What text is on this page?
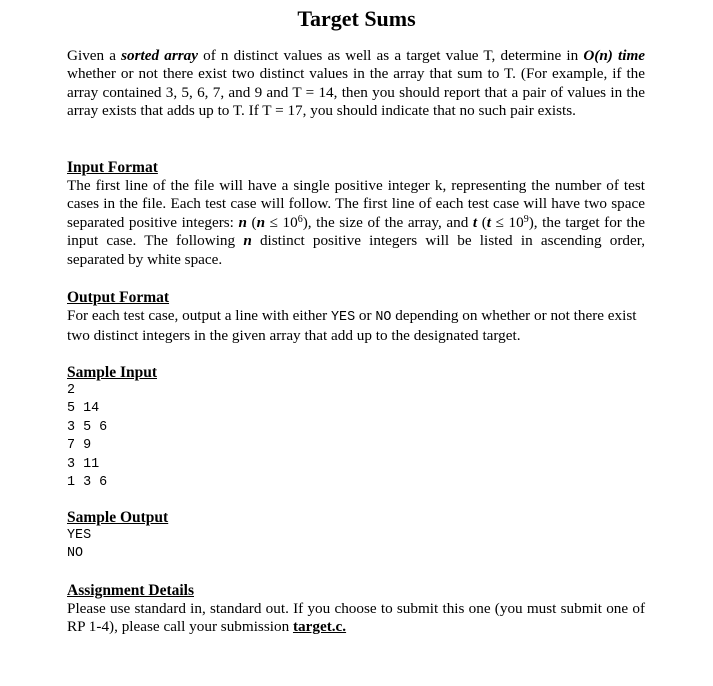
Target Sums
Given a sorted array of n distinct values as well as a target value T, determine in O(n) time whether or not there exist two distinct values in the array that sum to T. (For example, if the array contained 3, 5, 6, 7, and 9 and T = 14, then you should report that a pair of values in the array exists that adds up to T. If T = 17, you should indicate that no such pair exists.
Input Format
The first line of the file will have a single positive integer k, representing the number of test cases in the file. Each test case will follow. The first line of each test case will have two space separated positive integers: n $(n \le 10^6)$, the size of the array, and t $(t \le 10^9)$, the target for the input case. The following n distinct positive integers will be listed in ascending order, separated by white space.
Output Format
For each test case, output a line with either YES or NO depending on whether or not there exist two distinct integers in the given array that add up to the designated target.
Sample Input
2
5 14
3 5 6
7 9
3 11
1 3 6
Sample Output
YES
NO
Assignment Details
Please use standard in, standard out. If you choose to submit this one (you must submit one of RP 1-4), please call your submission target.c.
